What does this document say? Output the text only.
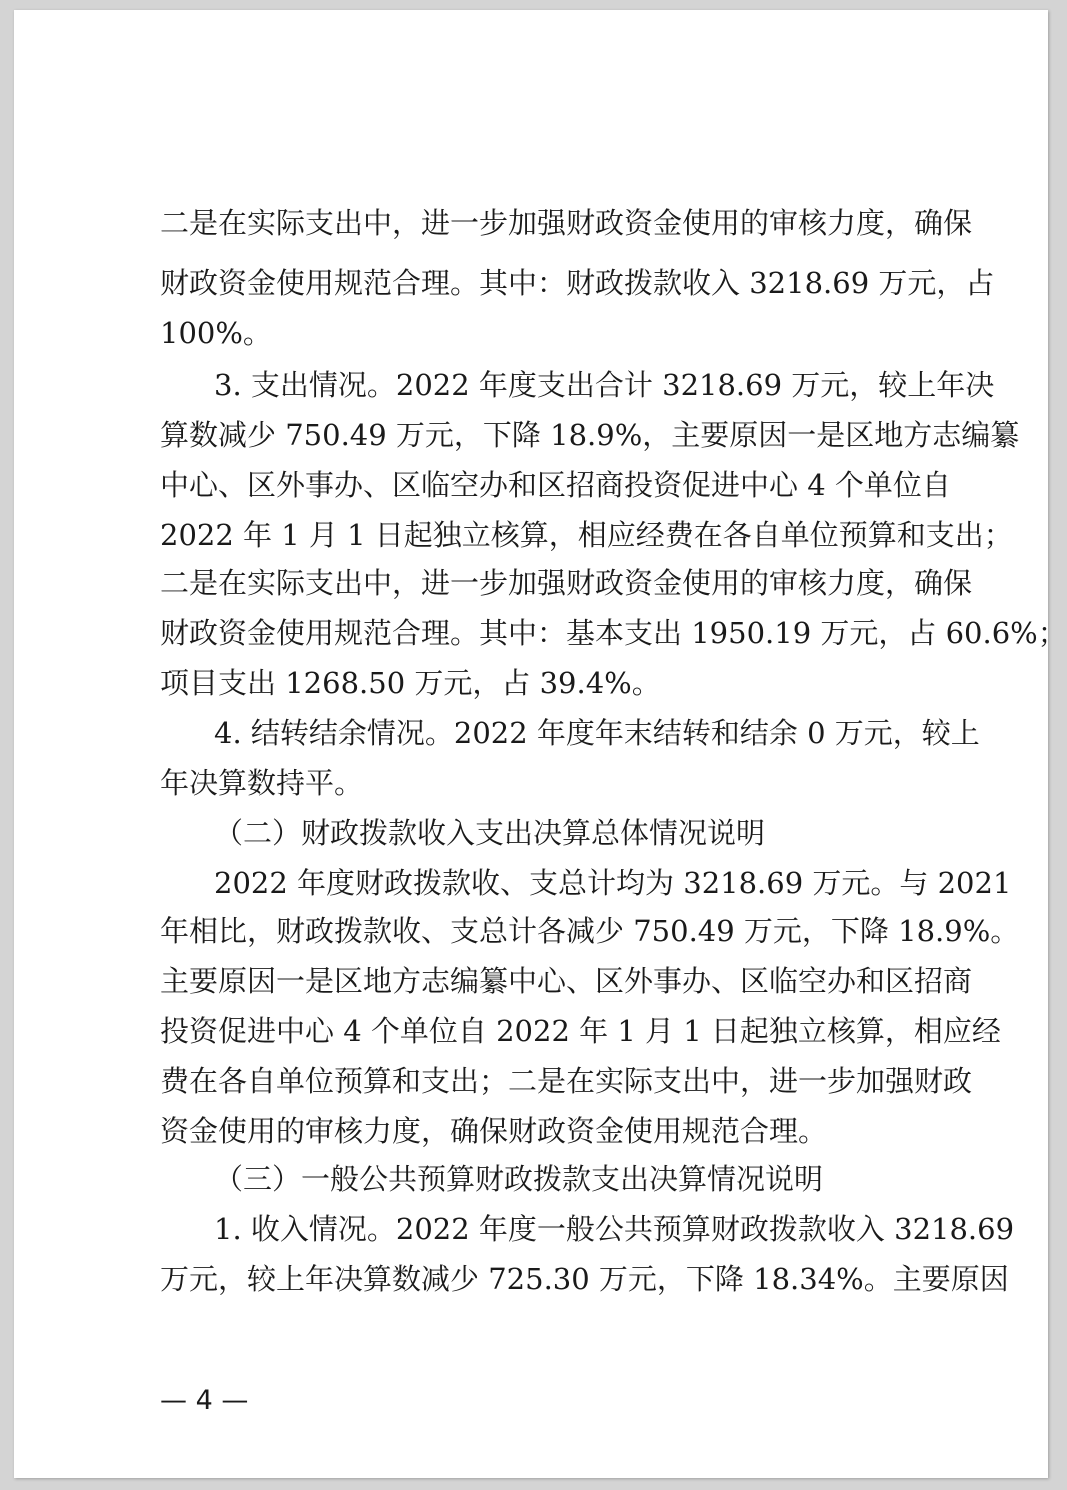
二是在实际支出中，进一步加强财政资金使用的审核力度，确保
财政资金使用规范合理。其中：财政拨款收入 3218.69 万元，占
100%。
3. 支出情况。2022 年度支出合计 3218.69 万元，较上年决
算数减少 750.49 万元，下降 18.9%，主要原因一是区地方志编纂
中心、区外事办、区临空办和区招商投资促进中心 4 个单位自
2022 年 1 月 1 日起独立核算，相应经费在各自单位预算和支出；
二是在实际支出中，进一步加强财政资金使用的审核力度，确保
财政资金使用规范合理。其中：基本支出 1950.19 万元，占 60.6%；
项目支出 1268.50 万元，占 39.4%。
4. 结转结余情况。2022 年度年末结转和结余 0 万元，较上
年决算数持平。
（二）财政拨款收入支出决算总体情况说明
2022 年度财政拨款收、支总计均为 3218.69 万元。与 2021
年相比，财政拨款收、支总计各减少 750.49 万元，下降 18.9%。
主要原因一是区地方志编纂中心、区外事办、区临空办和区招商
投资促进中心 4 个单位自 2022 年 1 月 1 日起独立核算，相应经
费在各自单位预算和支出；二是在实际支出中，进一步加强财政
资金使用的审核力度，确保财政资金使用规范合理。
（三）一般公共预算财政拨款支出决算情况说明
1. 收入情况。2022 年度一般公共预算财政拨款收入 3218.69
万元，较上年决算数减少 725.30 万元，下降 18.34%。主要原因
— 4 —
